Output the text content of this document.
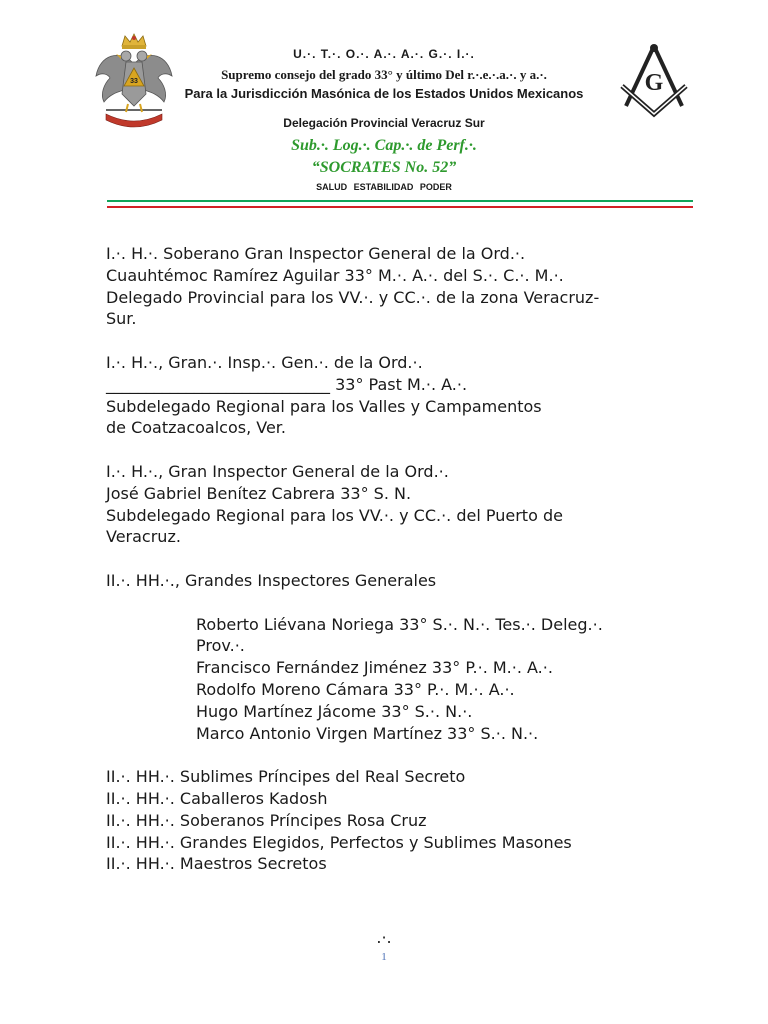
33	G
U.·. T.·. O.·. A.·. A.·. G.·. I.·.
Supremo consejo del grado 33° y último Del r.·.e.·.a.·. y a.·.
Para la Jurisdicción Masónica de los Estados Unidos Mexicanos
Delegación Provincial Veracruz Sur
Sub.·. Log.·. Cap.·. de Perf.·.
“SOCRATES No. 52”
SALUD ESTABILIDAD PODER
I.·. H.·. Soberano Gran Inspector General de la Ord.·.
Cuauhtémoc Ramírez Aguilar 33° M.·. A.·. del S.·. C.·. M.·.
Delegado Provincial para los VV.·. y CC.·. de la zona Veracruz-
Sur.
I.·. H.·., Gran.·. Insp.·. Gen.·. de la Ord.·.
____________________________ 33° Past M.·. A.·.
Subdelegado Regional para los Valles y Campamentos
de Coatzacoalcos, Ver.
I.·. H.·., Gran Inspector General de la Ord.·.
José Gabriel Benítez Cabrera 33° S. N.
Subdelegado Regional para los VV.·. y CC.·. del Puerto de
Veracruz.
II.·. HH.·., Grandes Inspectores Generales
Roberto Liévana Noriega 33° S.·. N.·. Tes.·. Deleg.·.
Prov.·.
Francisco Fernández Jiménez 33° P.·. M.·. A.·.
Rodolfo Moreno Cámara 33° P.·. M.·. A.·.
Hugo Martínez Jácome 33° S.·. N.·.
Marco Antonio Virgen Martínez 33° S.·. N.·.
II.·. HH.·. Sublimes Príncipes del Real Secreto
II.·. HH.·. Caballeros Kadosh
II.·. HH.·. Soberanos Príncipes Rosa Cruz
II.·. HH.·. Grandes Elegidos, Perfectos y Sublimes Masones
II.·. HH.·. Maestros Secretos
.·.
1
